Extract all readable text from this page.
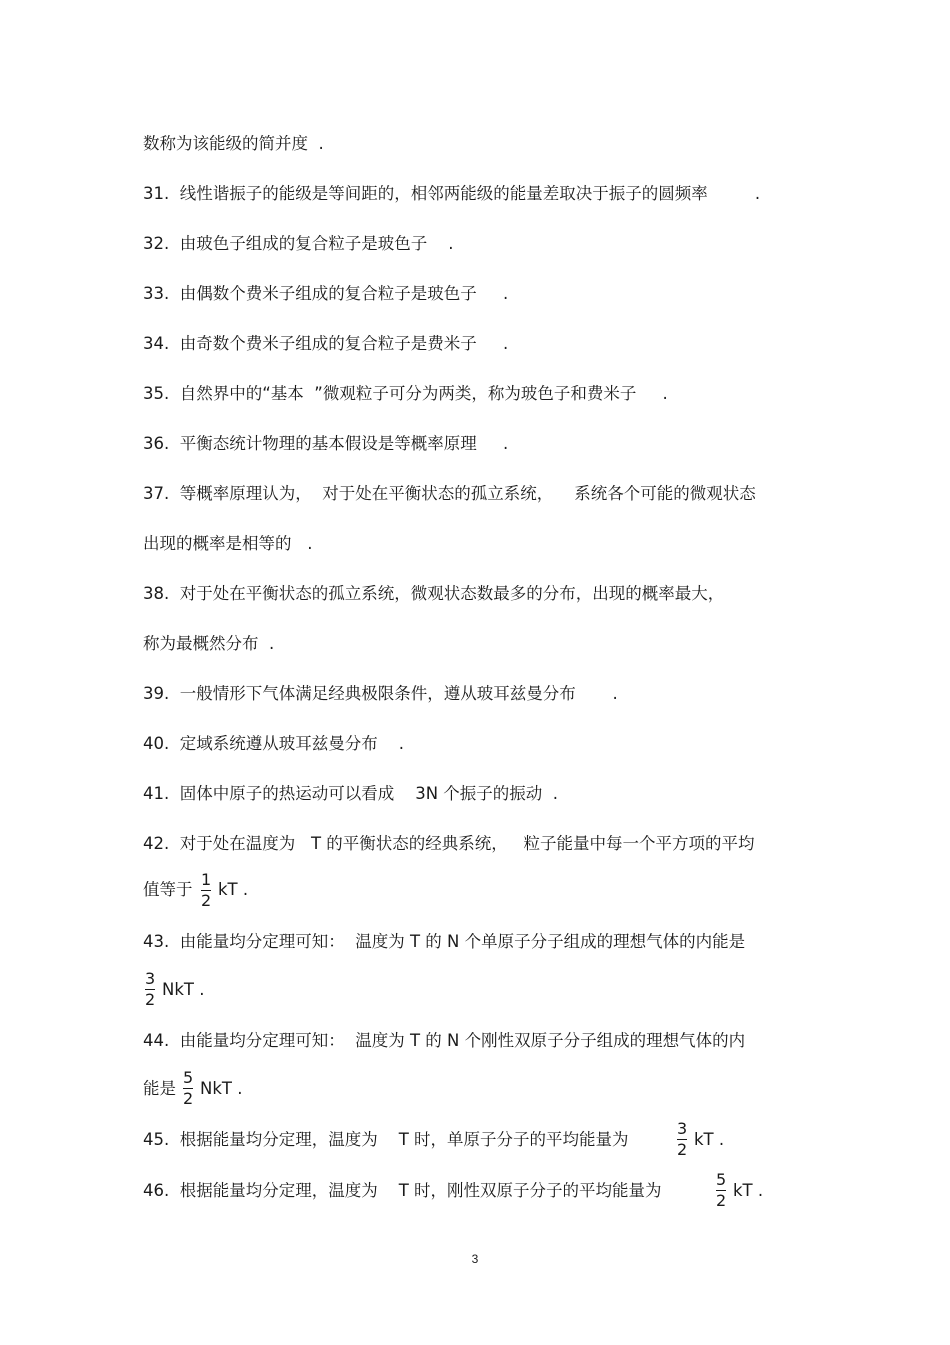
数称为该能级的简并度  .
31.  线性谐振子的能级是等间距的，相邻两能级的能量差取决于振子的圆频率         .
32.  由玻色子组成的复合粒子是玻色子    .
33.  由偶数个费米子组成的复合粒子是玻色子     .
34.  由奇数个费米子组成的复合粒子是费米子     .
35.  自然界中的“基本  ”微观粒子可分为两类，称为玻色子和费米子     .
36.  平衡态统计物理的基本假设是等概率原理     .
37.  等概率原理认为，  对于处在平衡状态的孤立系统，    系统各个可能的微观状态
出现的概率是相等的   .
38.  对于处在平衡状态的孤立系统，微观状态数最多的分布，出现的概率最大，
称为最概然分布  .
39.  一般情形下气体满足经典极限条件，遵从玻耳兹曼分布       .
40.  定域系统遵从玻耳兹曼分布    .
41.  固体中原子的热运动可以看成    3N 个振子的振动  .
42.  对于处在温度为   T 的平衡状态的经典系统，   粒子能量中每一个平方项的平均
值等于
1
2
kT .
43.  由能量均分定理可知：  温度为 T 的 N 个单原子分子组成的理想气体的内能是
3
2
NkT .
44.  由能量均分定理可知：  温度为 T 的 N 个刚性双原子分子组成的理想气体的内
能是
5
2
NkT .
45.  根据能量均分定理，温度为    T 时，单原子分子的平均能量为
3
2
kT .
46.  根据能量均分定理，温度为    T 时，刚性双原子分子的平均能量为
5
2
kT .
3
